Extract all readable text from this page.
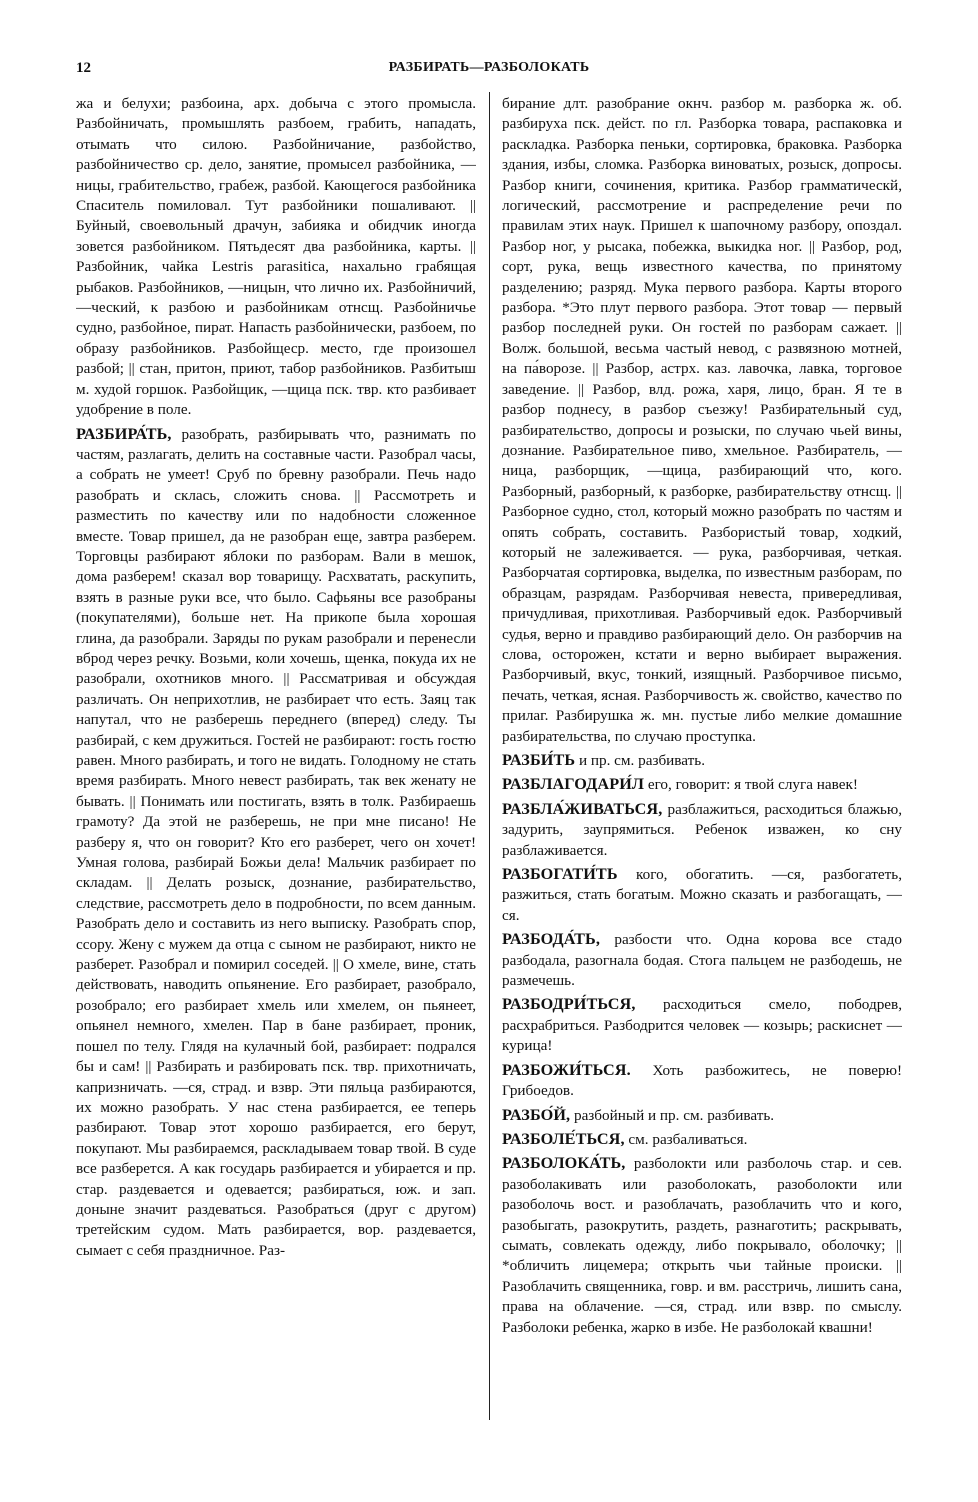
12	РАЗБИРАТЬ—РАЗБОЛОКАТЬ

жа и белухи; разбоина, арх. добыча с этого промысла. Разбойничать, промышлять разбоем, грабить, нападать, отымать что силою. Разбойничание, разбойство, разбойничество ср. дело, занятие, промысел разбойника, —ницы, грабительство, грабеж, разбой. Кающегося разбойника Спаситель помиловал. Тут разбойники пошаливают. || Буйный, своевольный драчун, забияка и обидчик иногда зовется разбойником. Пятьдесят два разбойника, карты. || Разбойник, чайка Lestris parasitica, нахально грабящая рыбаков. Разбойников, —ницын, что лично их. Разбойничий, —ческий, к разбою и разбойникам отнсщ. Разбойничье судно, разбойное, пират. Напасть разбойнически, разбоем, по образу разбойников. Разбойщеср. место, где произошел разбой; || стан, притон, приют, табор разбойников. Разбитыш м. худой горшок. Разбойщик, —щица пск. твр. кто разбивает удобрение в поле.

РАЗБИРА́ТЬ, разобрать, разбирывать что, разнимать по частям, разлагать, делить на составные части. Разобрал часы, а собрать не умеет! Сруб по бревну разобрали. Печь надо разобрать и склась, сложить снова. || Рассмотреть и разместить по качеству или по надобности сложенное вместе. Товар пришел, да не разобран еще, завтра разберем. Торговцы разбирают яблоки по разборам. Вали в мешок, дома разберем! сказал вор товарищу. Расхватать, раскупить, взять в разные руки все, что было. Сафьяны все разобраны (покупателями), больше нет. На прикопе была хорошая глина, да разобрали. Заряды по рукам разобрали и перенесли вброд через речку. Возьми, коли хочешь, щенка, покуда их не разобрали, охотников много. || Рассматривая и обсуждая различать. Он неприхотлив, не разбирает что есть. Заяц так напутал, что не разберешь переднего (вперед) следу. Ты разбирай, с кем дружиться. Гостей не разбирают: гость гостю равен. Много разбирать, и того не видать. Голодному не стать время разбирать. Много невест разбирать, так век женату не бывать. || Понимать или постигать, взять в толк. Разбираешь грамоту? Да этой не разберешь, не при мне писано! Не разберу я, что он говорит? Кто его разберет, чего он хочет! Умная голова, разбирай Божьи дела! Мальчик разбирает по складам. || Делать розыск, дознание, разбирательство, следствие, рассмотреть дело в подробности, по всем данным. Разобрать дело и составить из него выписку. Разобрать спор, ссору. Жену с мужем да отца с сыном не разбирают, никто не разберет. Разобрал и помирил соседей. || О хмеле, вине, стать действовать, наводить опьянение. Его разбирает, разобрало, розобрало; его разбирает хмель или хмелем, он пьянеет, опьянел немного, хмелен. Пар в бане разбирает, проник, пошел по телу. Глядя на кулачный бой, разбирает: подрался бы и сам! || Разбирать и разбировать пск. твр. прихотничать, капризничать. —ся, страд. и взвр. Эти пяльца разбираются, их можно разобрать. У нас стена разбирается, ее теперь разбирают. Товар этот хорошо разбирается, его берут, покупают. Мы разбираемся, раскладываем товар твой. В суде все разберется. А как государь разбирается и убирается и пр. стар. раздевается и одевается; разбираться, юж. и зап. доныне значит раздеваться. Разобраться (друг с другом) третейским судом. Мать разбирается, вор. раздевается, сымает с себя праздничное. Раз-

бирание длт. разобрание окнч. разбор м. разборка ж. об. разбируха пск. дейст. по гл. Разборка товара, распаковка и раскладка. Разборка пеньки, сортировка, браковка. Разборка здания, избы, сломка. Разборка виноватых, розыск, допросы. Разбор книги, сочинения, критика. Разбор грамматическй, логический, рассмотрение и распределение речи по правилам этих наук. Пришел к шапочному разбору, опоздал. Разбор ног, у рысака, побежка, выкидка ног. || Разбор, род, сорт, рука, вещь известного качества, по принятому разделению; разряд. Мука первого разбора. Карты второго разбора. *Это плут первого разбора. Этот товар — первый разбор последней руки. Он гостей по разборам сажает. || Волж. большой, весьма частый невод, с развязною мотней, на па́ворозе. || Разбор, астрх. каз. лавочка, лавка, торговое заведение. || Разбор, влд. рожа, харя, лицо, бран. Я те в разбор поднесу, в разбор съезжу! Разбирательный суд, разбирательство, допросы и розыски, по случаю чьей вины, дознание. Разбирательное пиво, хмельное. Разбиратель, —ница, разборщик, —щица, разбирающий что, кого. Разборный, разборный, к разборке, разбирательству отнсщ. || Разборное судно, стол, который можно разобрать по частям и опять собрать, составить. Разбористый товар, ходкий, который не залеживается. — рука, разборчивая, четкая. Разборчатая сортировка, выделка, по известным разборам, по образцам, разрядам. Разборчивая невеста, привередливая, причудливая, прихотливая. Разборчивый едок. Разборчивый судья, верно и правдиво разбирающий дело. Он разборчив на слова, осторожен, кстати и верно выбирает выражения. Разборчивый, вкус, тонкий, изящный. Разборчивое письмо, печать, четкая, ясная. Разборчивость ж. свойство, качество по прилаг. Разбирушка ж. мн. пустые либо мелкие домашние разбирательства, по случаю проступка.

РАЗБИ́ТЬ и пр. см. разбивать.

РАЗБЛАГОДАРИ́Л его, говорит: я твой слуга навек!

РАЗБЛА́ЖИВАТЬСЯ, разблажиться, расходиться блажью, задурить, заупрямиться. Ребенок изважен, ко сну разблаживается.

РАЗБОГАТИ́ТЬ кого, обогатить. —ся, разбогатеть, разжиться, стать богатым. Можно сказать и разбогащать, —ся.

РАЗБОДА́ТЬ, разбости что. Одна корова все стадо разбодала, разогнала бодая. Стога пальцем не разбодешь, не размечешь.

РАЗБОДРИ́ТЬСЯ, расходиться смело, пободрев, расхрабриться. Разбодрится человек — козырь; раскиснет — курица!

РАЗБОЖИ́ТЬСЯ. Хоть разбожитесь, не поверю! Грибоедов.

РАЗБО́Й, разбойный и пр. см. разбивать.

РАЗБОЛЕ́ТЬСЯ, см. разбаливаться.

РАЗБОЛОКА́ТЬ, разболокти или разболочь стар. и сев. разоболакивать или разоболокать, разоболокти или разоболочь вост. и разоблачать, разоблачить что и кого, разобыгать, разокрутить, раздеть, разнаготить; раскрывать, сымать, совлекать одежду, либо покрывало, оболочку; || *обличить лицемера; открыть чьи тайные происки. || Разоблачить священника, говр. и вм. расстричь, лишить сана, права на облачение. —ся, страд. или взвр. по смыслу. Разболоки ребенка, жарко в избе. Не разболокай квашни!
